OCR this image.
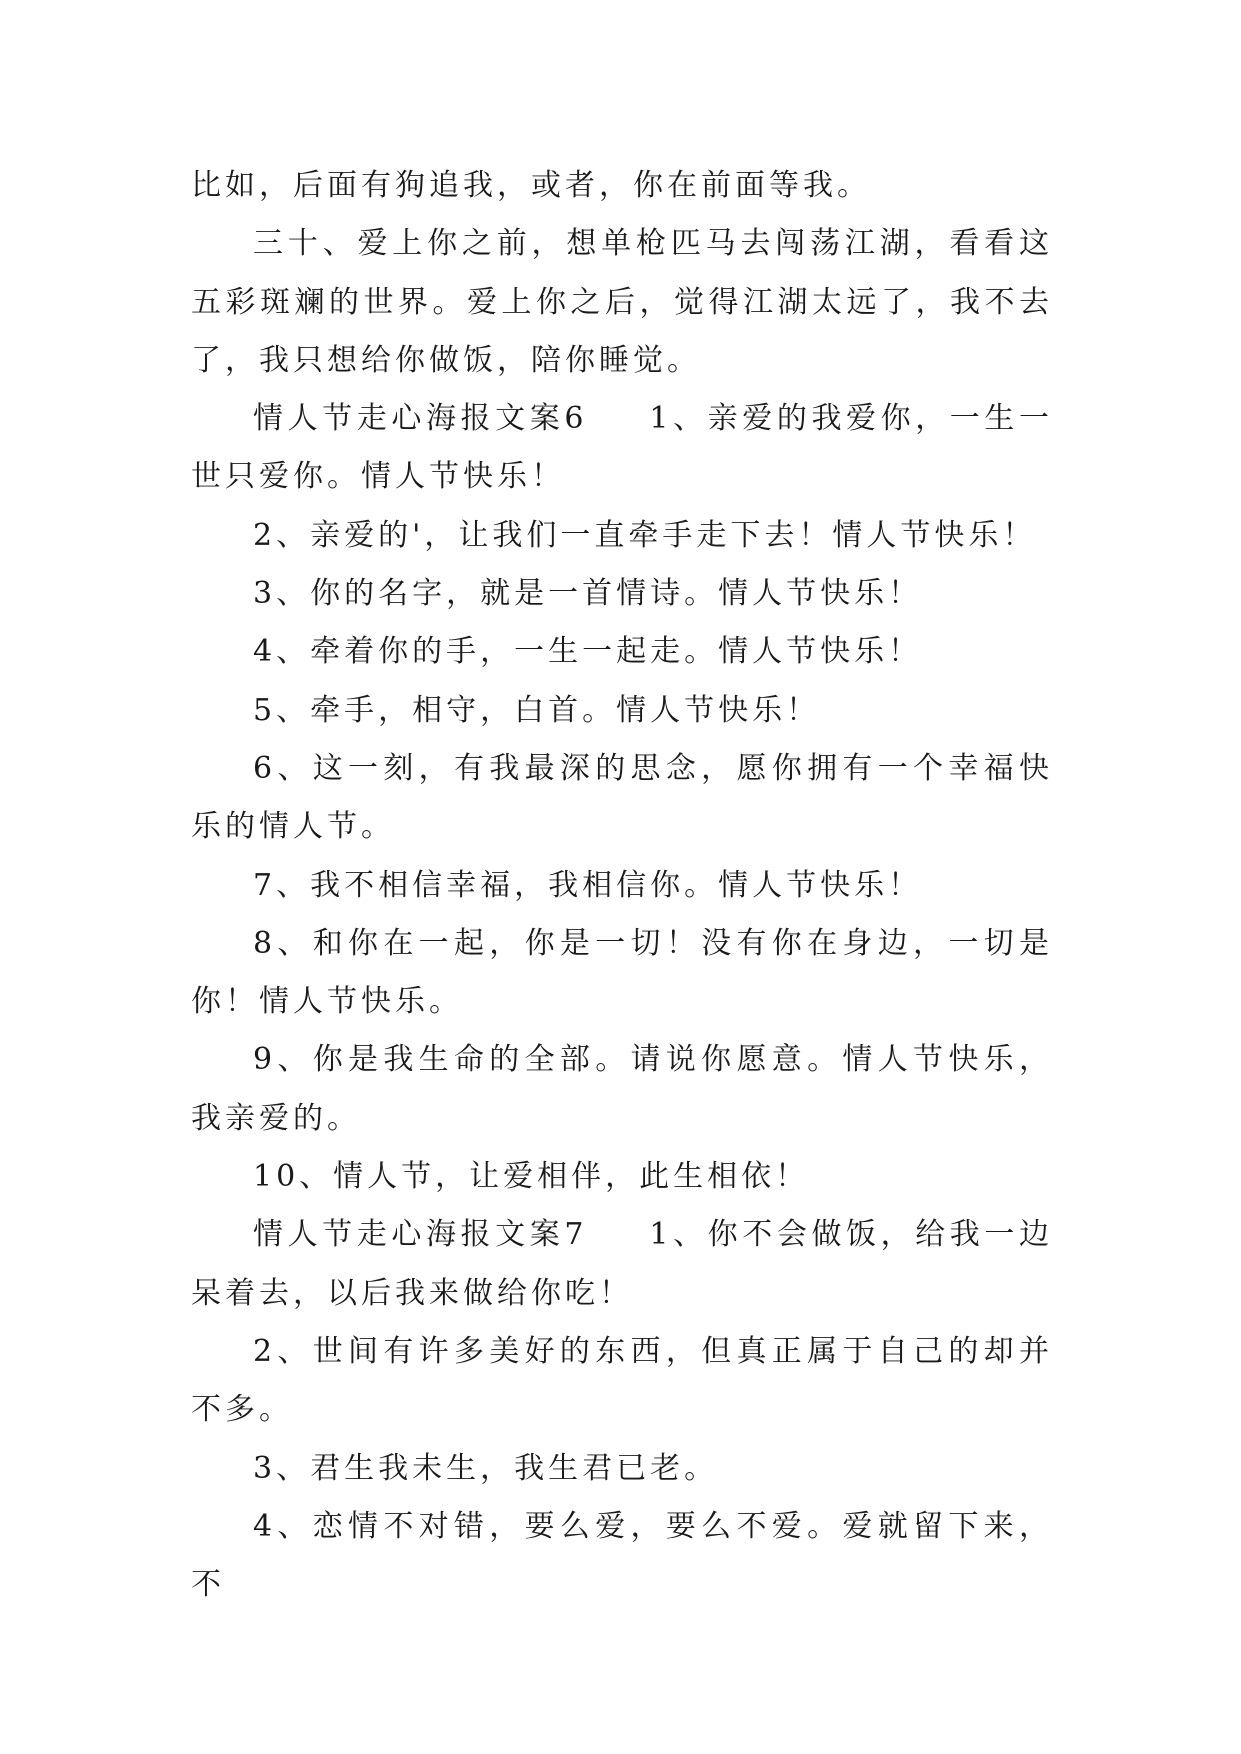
比如，后面有狗追我，或者，你在前面等我。

三十、爱上你之前，想单枪匹马去闯荡江湖，看看这五彩斑斓的世界。爱上你之后，觉得江湖太远了，我不去了，我只想给你做饭，陪你睡觉。

情人节走心海报文案6 1、亲爱的我爱你，一生一世只爱你。情人节快乐！

2、亲爱的'，让我们一直牵手走下去！情人节快乐！

3、你的名字，就是一首情诗。情人节快乐！

4、牵着你的手，一生一起走。情人节快乐！

5、牵手，相守，白首。情人节快乐！

6、这一刻，有我最深的思念，愿你拥有一个幸福快乐的情人节。

7、我不相信幸福，我相信你。情人节快乐！

8、和你在一起，你是一切！没有你在身边，一切是你！情人节快乐。

9、你是我生命的全部。请说你愿意。情人节快乐，我亲爱的。

10、情人节，让爱相伴，此生相依！

情人节走心海报文案7 1、你不会做饭，给我一边呆着去，以后我来做给你吃！

2、世间有许多美好的东西，但真正属于自己的却并不多。

3、君生我未生，我生君已老。

4、恋情不对错，要么爱，要么不爱。爱就留下来，不
